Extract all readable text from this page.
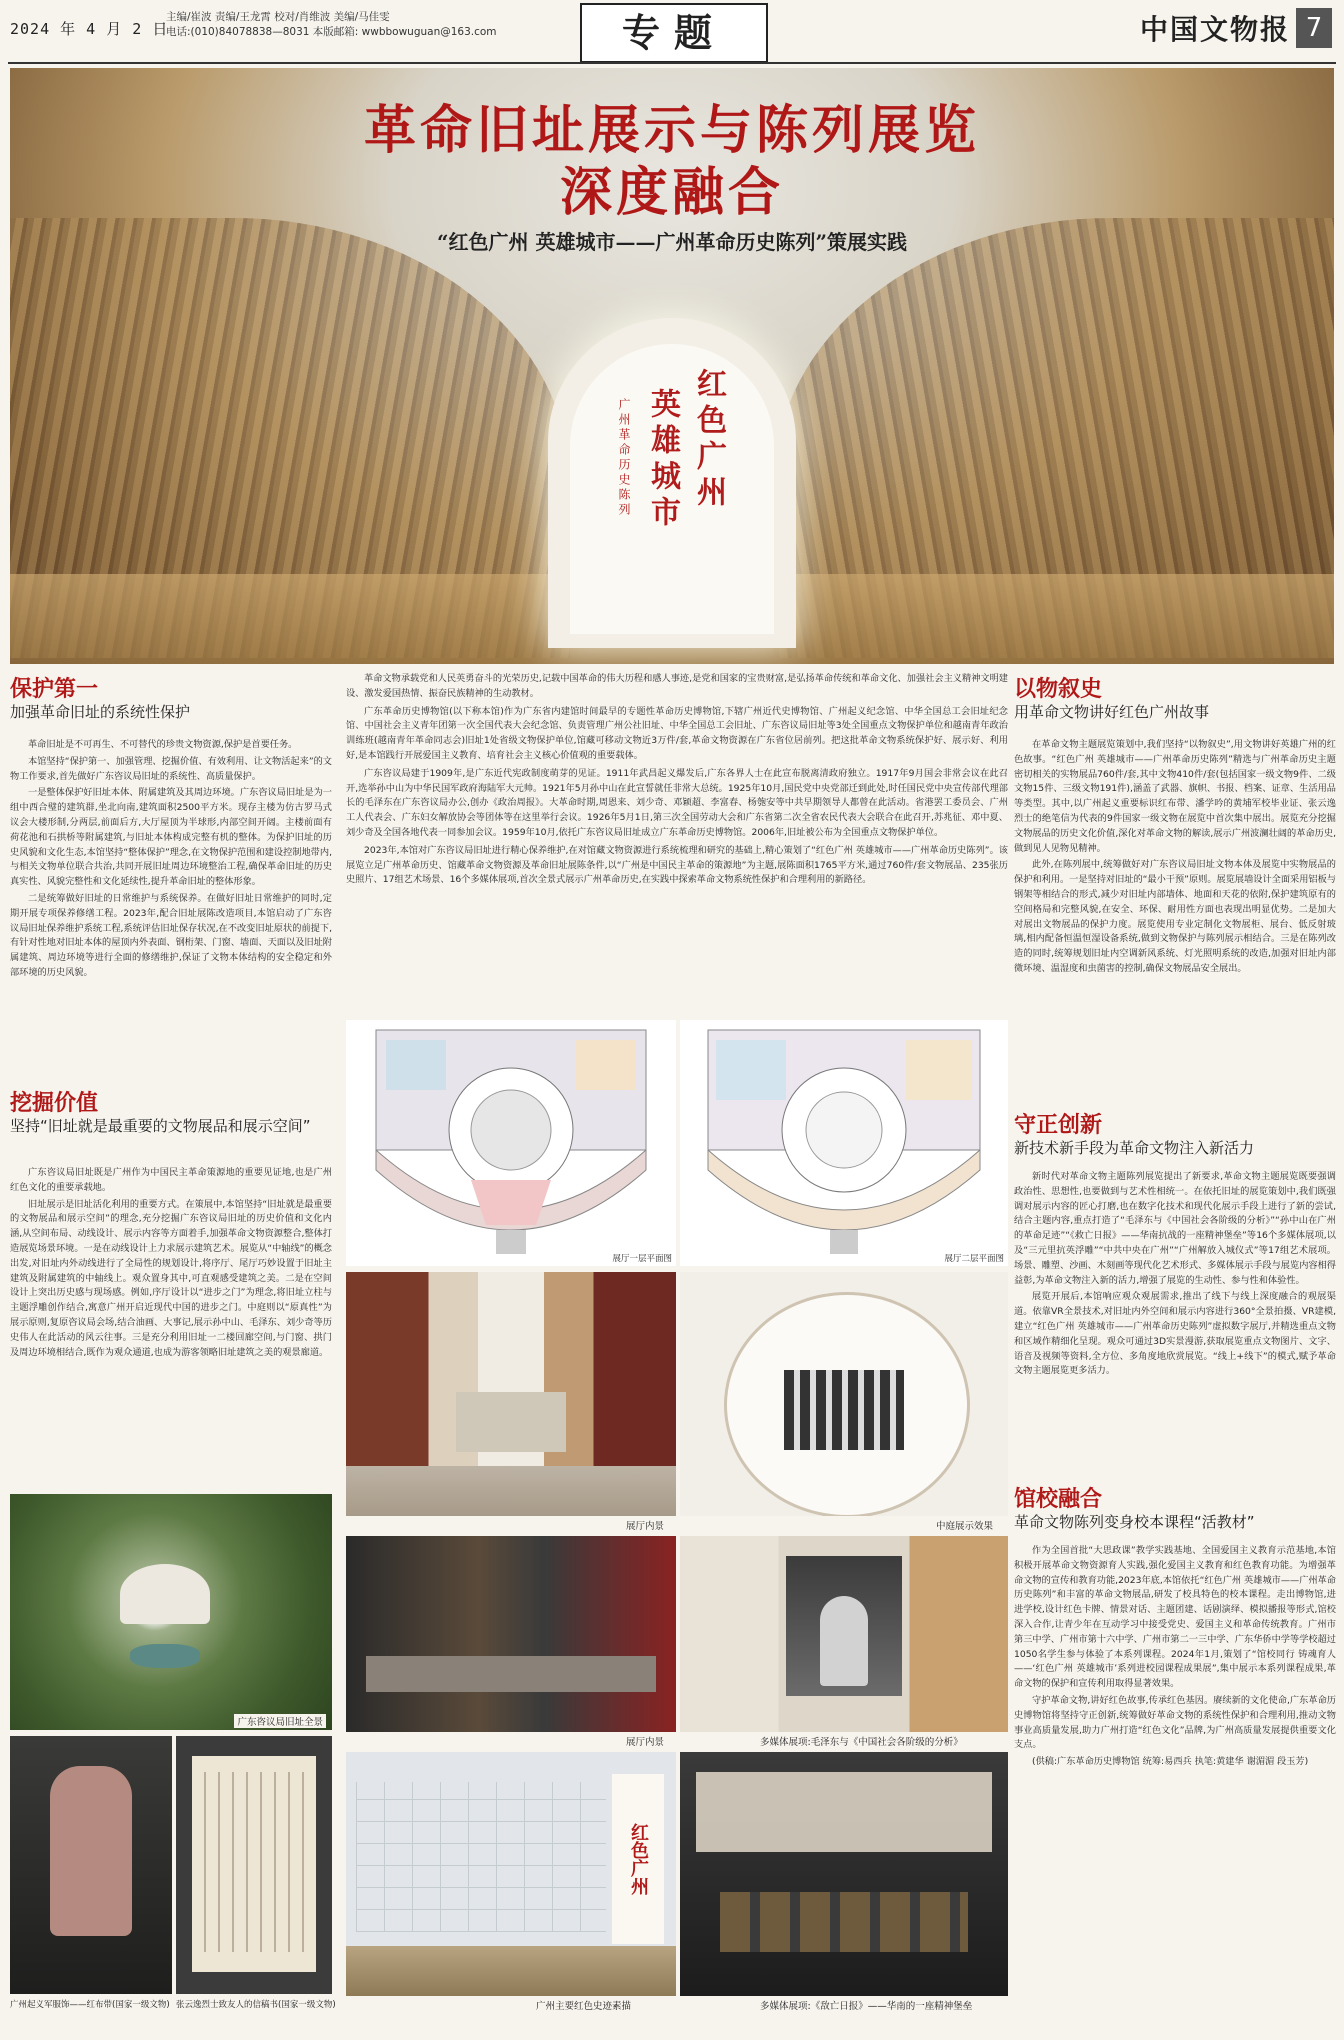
2024 年 4 月 2 日
主编/崔波 责编/王龙霄 校对/肖维波 美编/马佳雯
电话:(010)84078838—8031 本版邮箱: wwbbowuguan@163.com	专题	中国文物报 7
红色广州
英雄城市
广州革命历史陈列
革命旧址展示与陈列展览
深度融合
“红色广州 英雄城市——广州革命历史陈列”策展实践
保护第一
加强革命旧址的系统性保护

革命旧址是不可再生、不可替代的珍贵文物资源,保护是首要任务。

本馆坚持“保护第一、加强管理、挖掘价值、有效利用、让文物活起来”的文物工作要求,首先做好广东咨议局旧址的系统性、高质量保护。

一是整体保护好旧址本体、附属建筑及其周边环境。广东咨议局旧址是为一组中西合璧的建筑群,坐北向南,建筑面积2500平方米。现存主楼为仿古罗马式议会大楼形制,分两层,前面后方,大厅屋顶为半球形,内部空间开阔。主楼前面有荷花池和石拱桥等附属建筑,与旧址本体构成完整有机的整体。为保护旧址的历史风貌和文化生态,本馆坚持“整体保护”理念,在文物保护范围和建设控制地带内,与相关文物单位联合共治,共同开展旧址周边环境整治工程,确保革命旧址的历史真实性、风貌完整性和文化延续性,提升革命旧址的整体形象。

二是统筹做好旧址的日常维护与系统保养。在做好旧址日常维护的同时,定期开展专项保养修缮工程。2023年,配合旧址展陈改造项目,本馆启动了广东咨议局旧址保养维护系统工程,系统评估旧址保存状况,在不改变旧址原状的前提下,有针对性地对旧址本体的屋顶内外表面、钢桁架、门窗、墙面、天面以及旧址附属建筑、周边环境等进行全面的修缮维护,保证了文物本体结构的安全稳定和外部环境的历史风貌。

挖掘价值
坚持“旧址就是最重要的文物展品和展示空间”

广东咨议局旧址既是广州作为中国民主革命策源地的重要见证地,也是广州红色文化的重要承载地。

旧址展示是旧址活化利用的重要方式。在策展中,本馆坚持“旧址就是最重要的文物展品和展示空间”的理念,充分挖掘广东咨议局旧址的历史价值和文化内涵,从空间布局、动线设计、展示内容等方面着手,加强革命文物资源整合,整体打造展览场景环境。一是在动线设计上力求展示建筑艺术。展览从“中轴线”的概念出发,对旧址内外动线进行了全局性的规划设计,将序厅、尾厅巧妙设置于旧址主建筑及附属建筑的中轴线上。观众置身其中,可直观感受建筑之美。二是在空间设计上突出历史感与现场感。例如,序厅设计以“进步之门”为理念,将旧址立柱与主题浮雕创作结合,寓意广州开启近现代中国的进步之门。中庭则以“原真性”为展示原则,复原咨议局会场,结合油画、大事记,展示孙中山、毛泽东、刘少奇等历史伟人在此活动的风云往事。三是充分利用旧址一二楼回廊空间,与门窗、拱门及周边环境相结合,既作为观众通道,也成为游客领略旧址建筑之美的观景廊道。

广东咨议局旧址全景
广州起义军服饰——红布带(国家一级文物) 张云逸烈士致友人的信稿书(国家一级文物)

革命文物承载党和人民英勇奋斗的光荣历史,记载中国革命的伟大历程和感人事迹,是党和国家的宝贵财富,是弘扬革命传统和革命文化、加强社会主义精神文明建设、激发爱国热情、振奋民族精神的生动教材。

广东革命历史博物馆(以下称本馆)作为广东省内建馆时间最早的专题性革命历史博物馆,下辖广州近代史博物馆、广州起义纪念馆、中华全国总工会旧址纪念馆、中国社会主义青年团第一次全国代表大会纪念馆、负责管理广州公社旧址、中华全国总工会旧址、广东咨议局旧址等3处全国重点文物保护单位和越南青年政治训练班(越南青年革命同志会)旧址1处省级文物保护单位,馆藏可移动文物近3万件/套,革命文物资源在广东省位居前列。把这批革命文物系统保护好、展示好、利用好,是本馆践行开展爱国主义教育、培育社会主义核心价值观的重要载体。

广东咨议局建于1909年,是广东近代宪政制度萌芽的见证。1911年武昌起义爆发后,广东各界人士在此宣布脱离清政府独立。1917年9月国会非常会议在此召开,选举孙中山为中华民国军政府海陆军大元帅。1921年5月孙中山在此宣誓就任非常大总统。1925年10月,国民党中央党部迁到此处,时任国民党中央宣传部代理部长的毛泽东在广东咨议局办公,创办《政治周报》。大革命时期,周恩来、刘少奇、邓颖超、李富春、杨匏安等中共早期领导人都曾在此活动。省港罢工委员会、广州工人代表会、广东妇女解放协会等团体等在这里举行会议。1926年5月1日,第三次全国劳动大会和广东省第二次全省农民代表大会联合在此召开,苏兆征、邓中夏、刘少奇及全国各地代表一同参加会议。1959年10月,依托广东咨议局旧址成立广东革命历史博物馆。2006年,旧址被公布为全国重点文物保护单位。

2023年,本馆对广东咨议局旧址进行精心保养维护,在对馆藏文物资源进行系统梳理和研究的基础上,精心策划了“红色广州 英雄城市——广州革命历史陈列”。该展览立足广州革命历史、馆藏革命文物资源及革命旧址展陈条件,以“广州是中国民主革命的策源地”为主题,展陈面积1765平方米,通过760件/套文物展品、235张历史照片、17组艺术场景、16个多媒体展项,首次全景式展示广州革命历史,在实践中探索革命文物系统性保护和合理利用的新路径。

展厅一层平面图	展厅二层平面图
展厅内景	中庭展示效果
展厅内景	多媒体展项:毛泽东与《中国社会各阶级的分析》
红色广州
广州主要红色史迹素描	多媒体展项:《敌亡日报》——华南的一座精神堡垒
以物叙史
用革命文物讲好红色广州故事

在革命文物主题展览策划中,我们坚持“以物叙史”,用文物讲好英雄广州的红色故事。“红色广州 英雄城市——广州革命历史陈列”精选与广州革命历史主题密切相关的实物展品760件/套,其中文物410件/套(包括国家一级文物9件、二级文物15件、三级文物191件),涵盖了武器、旗帜、书报、档案、证章、生活用品等类型。其中,以广州起义重要标识红布带、潘学吟的黄埔军校毕业证、张云逸烈士的绝笔信为代表的9件国家一级文物在展览中首次集中展出。展览充分挖掘文物展品的历史文化价值,深化对革命文物的解读,展示广州波澜壮阔的革命历史,做到见人见物见精神。

此外,在陈列展中,统筹做好对广东咨议局旧址文物本体及展览中实物展品的保护和利用。一是坚持对旧址的“最小干预”原则。展览展墙设计全面采用铝板与钢架等相结合的形式,减少对旧址内部墙体、地面和天花的依附,保护建筑原有的空间格局和完整风貌,在安全、环保、耐用性方面也表现出明显优势。二是加大对展出文物展品的保护力度。展览使用专业定制化文物展柜、展台、低反射玻璃,相内配备恒温恒湿设备系统,做到文物保护与陈列展示相结合。三是在陈列改造的同时,统筹规划旧址内空调新风系统、灯光照明系统的改造,加强对旧址内部微环境、温湿度和虫菌害的控制,确保文物展品安全展出。

守正创新
新技术新手段为革命文物注入新活力

新时代对革命文物主题陈列展览提出了新要求,革命文物主题展览既要强调政治性、思想性,也要做到与艺术性相统一。在依托旧址的展览策划中,我们既强调对展示内容的匠心打磨,也在数字化技术和现代化展示手段上进行了新的尝试,结合主题内容,重点打造了“毛泽东与《中国社会各阶级的分析》”“孙中山在广州的革命足迹”“《救亡日报》——华南抗战的一座精神堡垒”等16个多媒体展项,以及“三元里抗英浮雕”“中共中央在广州”“广州解放入城仪式”等17组艺术展项。场景、雕塑、沙画、木刻画等现代化艺术形式、多媒体展示手段与展览内容相得益彰,为革命文物注入新的活力,增强了展览的生动性、参与性和体验性。

展览开展后,本馆响应观众观展需求,推出了线下与线上深度融合的观展渠道。依靠VR全景技术,对旧址内外空间和展示内容进行360°全景拍摄、VR建模,建立“红色广州 英雄城市——广州革命历史陈列”虚拟数字展厅,并精选重点文物和区域作精细化呈现。观众可通过3D实景漫游,获取展览重点文物图片、文字、语音及视频等资料,全方位、多角度地欣赏展览。“线上+线下”的模式,赋予革命文物主题展览更多活力。

馆校融合
革命文物陈列变身校本课程“活教材”

作为全国首批“大思政课”教学实践基地、全国爱国主义教育示范基地,本馆积极开展革命文物资源育人实践,强化爱国主义教育和红色教育功能。为增强革命文物的宣传和教育功能,2023年底,本馆依托“红色广州 英雄城市——广州革命历史陈列”和丰富的革命文物展品,研发了校具特色的校本课程。走出博物馆,进进学校,设计红色卡牌、情景对话、主题团建、话剧演绎、模拟播报等形式,馆校深入合作,让青少年在互动学习中接受党史、爱国主义和革命传统教育。广州市第三中学、广州市第十六中学、广州市第二一三中学、广东华侨中学等学校超过1050名学生参与体验了本系列课程。2024年1月,策划了“馆校同行 铸魂育人——‘红色广州 英雄城市’系列进校园课程成果展”,集中展示本系列课程成果,革命文物的保护和宣传利用取得显著效果。

守护革命文物,讲好红色故事,传承红色基因。赓续新的文化使命,广东革命历史博物馆将坚持守正创新,统筹做好革命文物的系统性保护和合理利用,推动文物事业高质量发展,助力广州打造“红色文化”品牌,为广州高质量发展提供重要文化支点。

(供稿:广东革命历史博物馆 统筹:易西兵 执笔:黄建华 谢湄湄 段玉芳)
